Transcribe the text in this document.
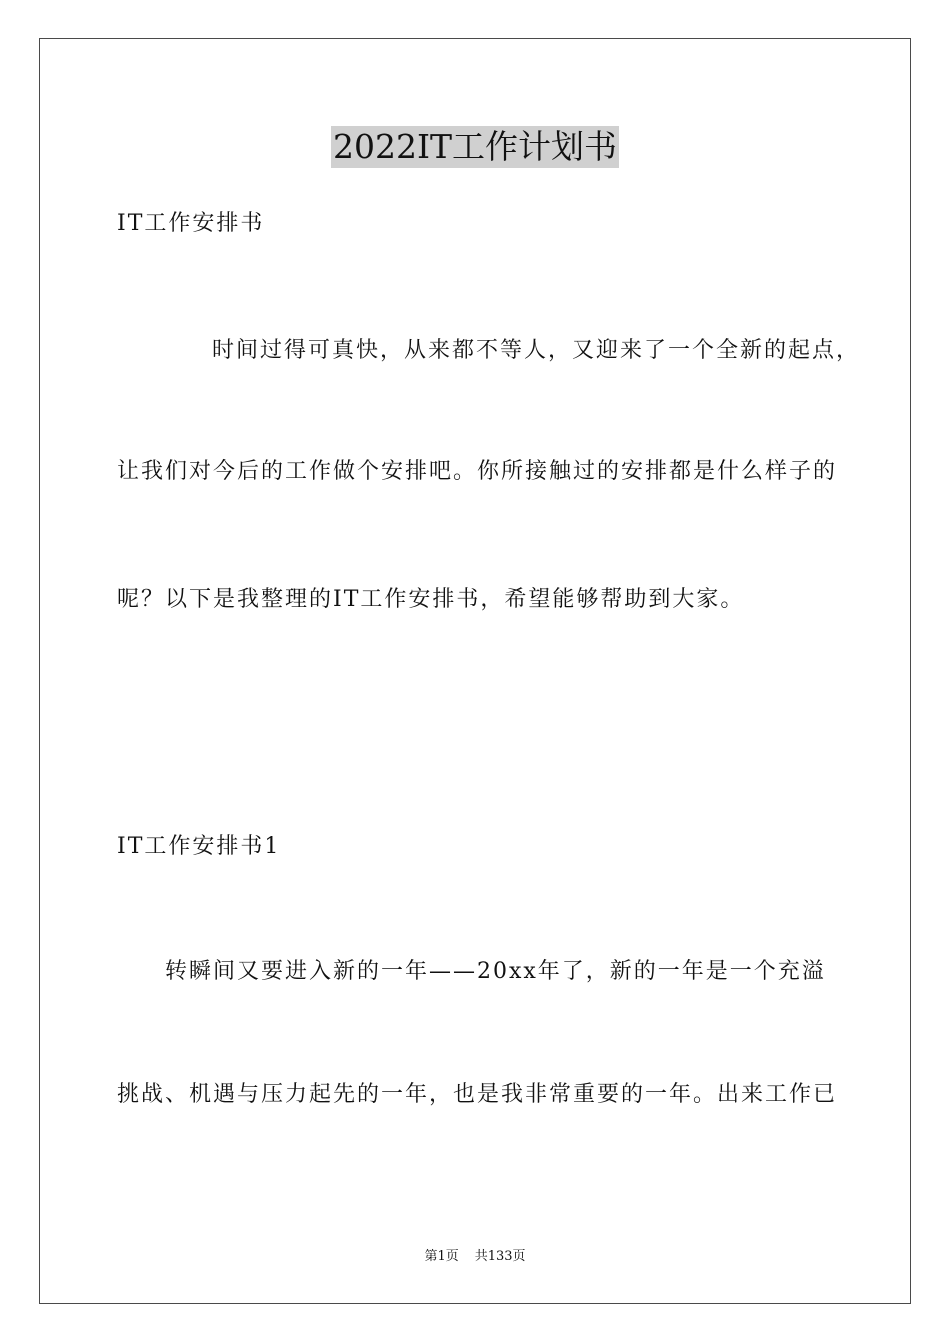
2022IT工作计划书
IT工作安排书
时间过得可真快，从来都不等人，又迎来了一个全新的起点，
让我们对今后的工作做个安排吧。你所接触过的安排都是什么样子的
呢？以下是我整理的IT工作安排书，希望能够帮助到大家。
IT工作安排书1
转瞬间又要进入新的一年——20xx年了，新的一年是一个充溢
挑战、机遇与压力起先的一年，也是我非常重要的一年。出来工作已
第1页 共133页
